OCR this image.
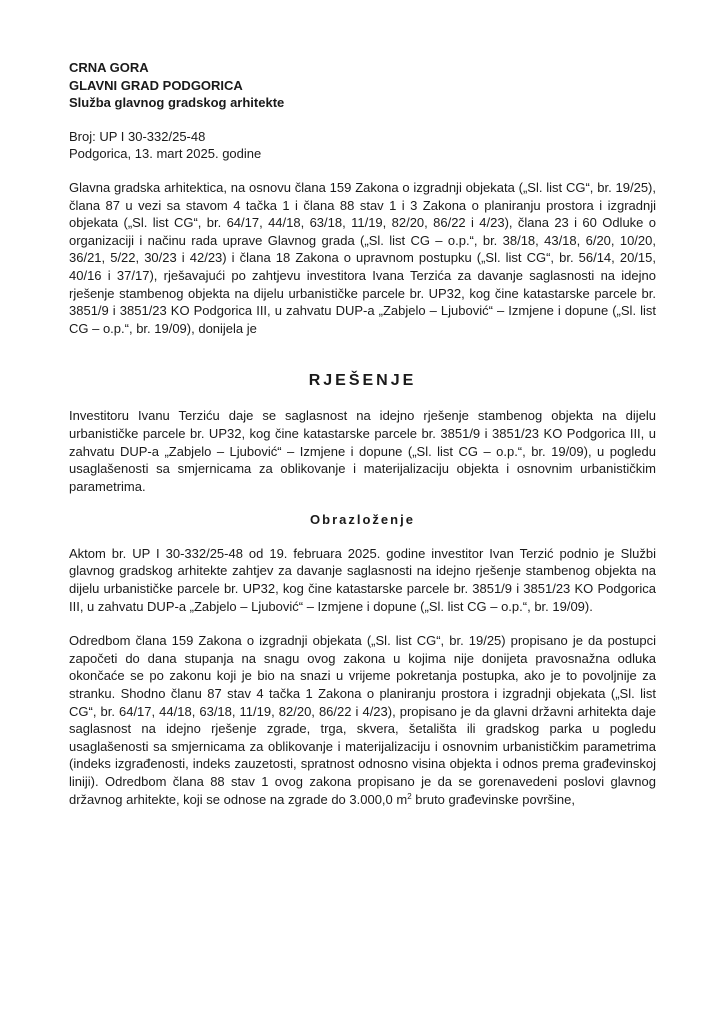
CRNA GORA

GLAVNI GRAD PODGORICA

Služba glavnog gradskog arhitekte

Broj: UP I 30-332/25-48

Podgorica, 13. mart 2025. godine

Glavna gradska arhitektica, na osnovu člana 159 Zakona o izgradnji objekata („Sl. list CG“, br. 19/25), člana 87 u vezi sa stavom 4 tačka 1 i člana 88 stav 1 i 3 Zakona o planiranju prostora i izgradnji objekata („Sl. list CG“, br. 64/17, 44/18, 63/18, 11/19, 82/20, 86/22 i 4/23), člana 23 i 60 Odluke o organizaciji i načinu rada uprave Glavnog grada („Sl. list CG – o.p.“, br. 38/18, 43/18, 6/20, 10/20, 36/21, 5/22, 30/23 i 42/23) i člana 18 Zakona o upravnom postupku („Sl. list CG“, br. 56/14, 20/15, 40/16 i 37/17), rješavajući po zahtjevu investitora Ivana Terzića za davanje saglasnosti na idejno rješenje stambenog objekta na dijelu urbanističke parcele br. UP32, kog čine katastarske parcele br. 3851/9 i 3851/23 KO Podgorica III, u zahvatu DUP-a „Zabjelo – Ljubović“ – Izmjene i dopune („Sl. list CG – o.p.“, br. 19/09), donijela je

RJEŠENJE

Investitoru Ivanu Terziću daje se saglasnost na idejno rješenje stambenog objekta na dijelu urbanističke parcele br. UP32, kog čine katastarske parcele br. 3851/9 i 3851/23 KO Podgorica III, u zahvatu DUP-a „Zabjelo – Ljubović“ – Izmjene i dopune („Sl. list CG – o.p.“, br. 19/09), u pogledu usaglašenosti sa smjernicama za oblikovanje i materijalizaciju objekta i osnovnim urbanističkim parametrima.

Obrazloženje

Aktom br. UP I 30-332/25-48 od 19. februara 2025. godine investitor Ivan Terzić podnio je Službi glavnog gradskog arhitekte zahtjev za davanje saglasnosti na idejno rješenje stambenog objekta na dijelu urbanističke parcele br. UP32, kog čine katastarske parcele br. 3851/9 i 3851/23 KO Podgorica III, u zahvatu DUP-a „Zabjelo – Ljubović“ – Izmjene i dopune („Sl. list CG – o.p.“, br. 19/09).

Odredbom člana 159 Zakona o izgradnji objekata („Sl. list CG“, br. 19/25) propisano je da postupci započeti do dana stupanja na snagu ovog zakona u kojima nije donijeta pravosnažna odluka okončaće se po zakonu koji je bio na snazi u vrijeme pokretanja postupka, ako je to povoljnije za stranku. Shodno članu 87 stav 4 tačka 1 Zakona o planiranju prostora i izgradnji objekata („Sl. list CG“, br. 64/17, 44/18, 63/18, 11/19, 82/20, 86/22 i 4/23), propisano je da glavni državni arhitekta daje saglasnost na idejno rješenje zgrade, trga, skvera, šetališta ili gradskog parka u pogledu usaglašenosti sa smjernicama za oblikovanje i materijalizaciju i osnovnim urbanističkim parametrima (indeks izgrađenosti, indeks zauzetosti, spratnost odnosno visina objekta i odnos prema građevinskoj liniji). Odredbom člana 88 stav 1 ovog zakona propisano je da se gorenavedeni poslovi glavnog državnog arhitekte, koji se odnose na zgrade do 3.000,0 $m^2$ bruto građevinske površine,
